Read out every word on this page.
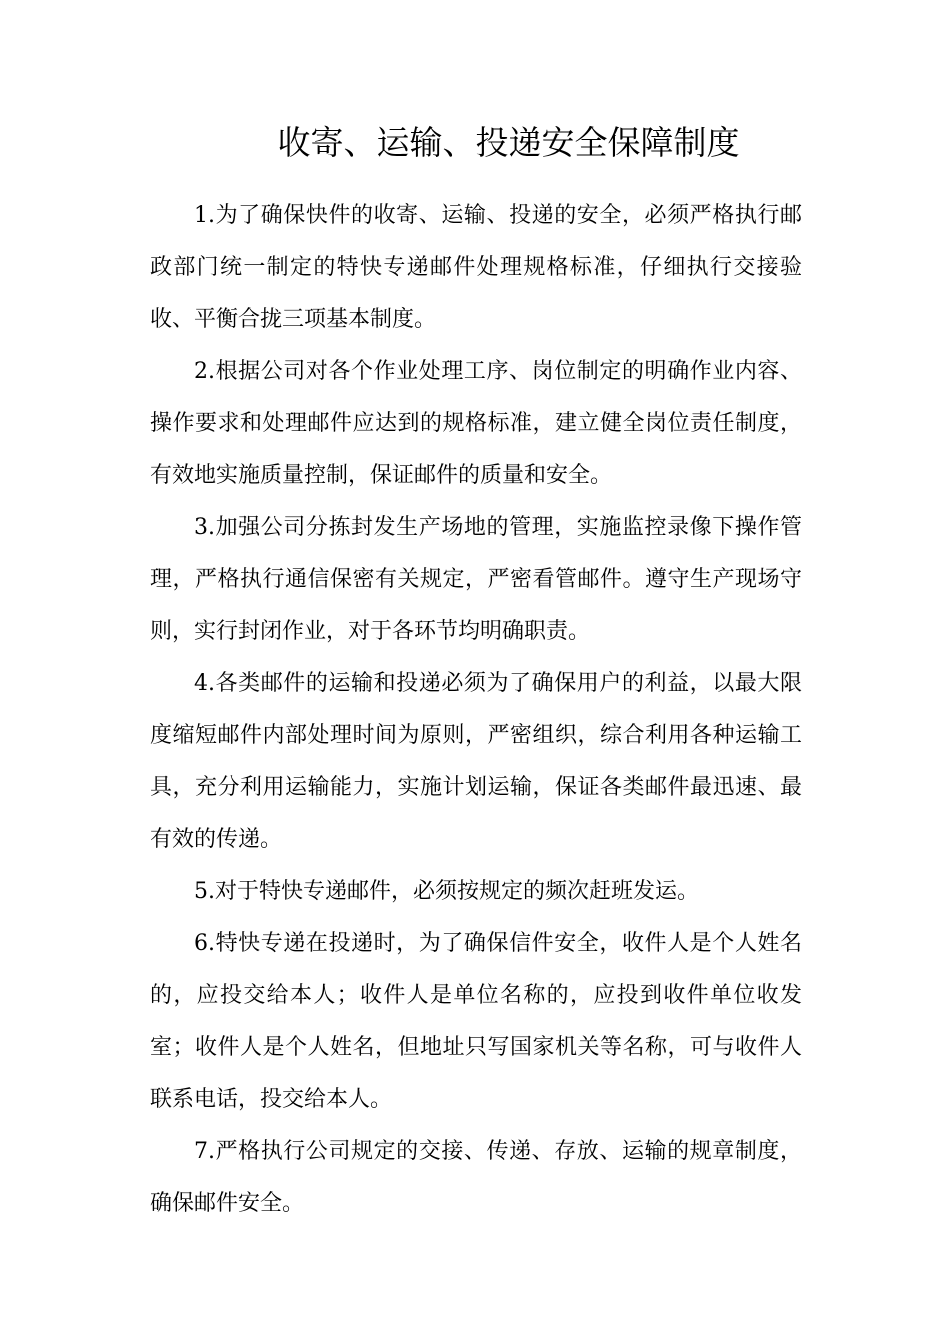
收寄、运输、投递安全保障制度

1.为了确保快件的收寄、运输、投递的安全，必须严格执行邮政部门统一制定的特快专递邮件处理规格标准，仔细执行交接验收、平衡合拢三项基本制度。

2.根据公司对各个作业处理工序、岗位制定的明确作业内容、操作要求和处理邮件应达到的规格标准，建立健全岗位责任制度，有效地实施质量控制，保证邮件的质量和安全。

3.加强公司分拣封发生产场地的管理，实施监控录像下操作管理，严格执行通信保密有关规定，严密看管邮件。遵守生产现场守则，实行封闭作业，对于各环节均明确职责。

4.各类邮件的运输和投递必须为了确保用户的利益，以最大限度缩短邮件内部处理时间为原则，严密组织，综合利用各种运输工具，充分利用运输能力，实施计划运输，保证各类邮件最迅速、最有效的传递。

5.对于特快专递邮件，必须按规定的频次赶班发运。

6.特快专递在投递时，为了确保信件安全，收件人是个人姓名的，应投交给本人；收件人是单位名称的，应投到收件单位收发室；收件人是个人姓名，但地址只写国家机关等名称，可与收件人联系电话，投交给本人。

7.严格执行公司规定的交接、传递、存放、运输的规章制度，确保邮件安全。
